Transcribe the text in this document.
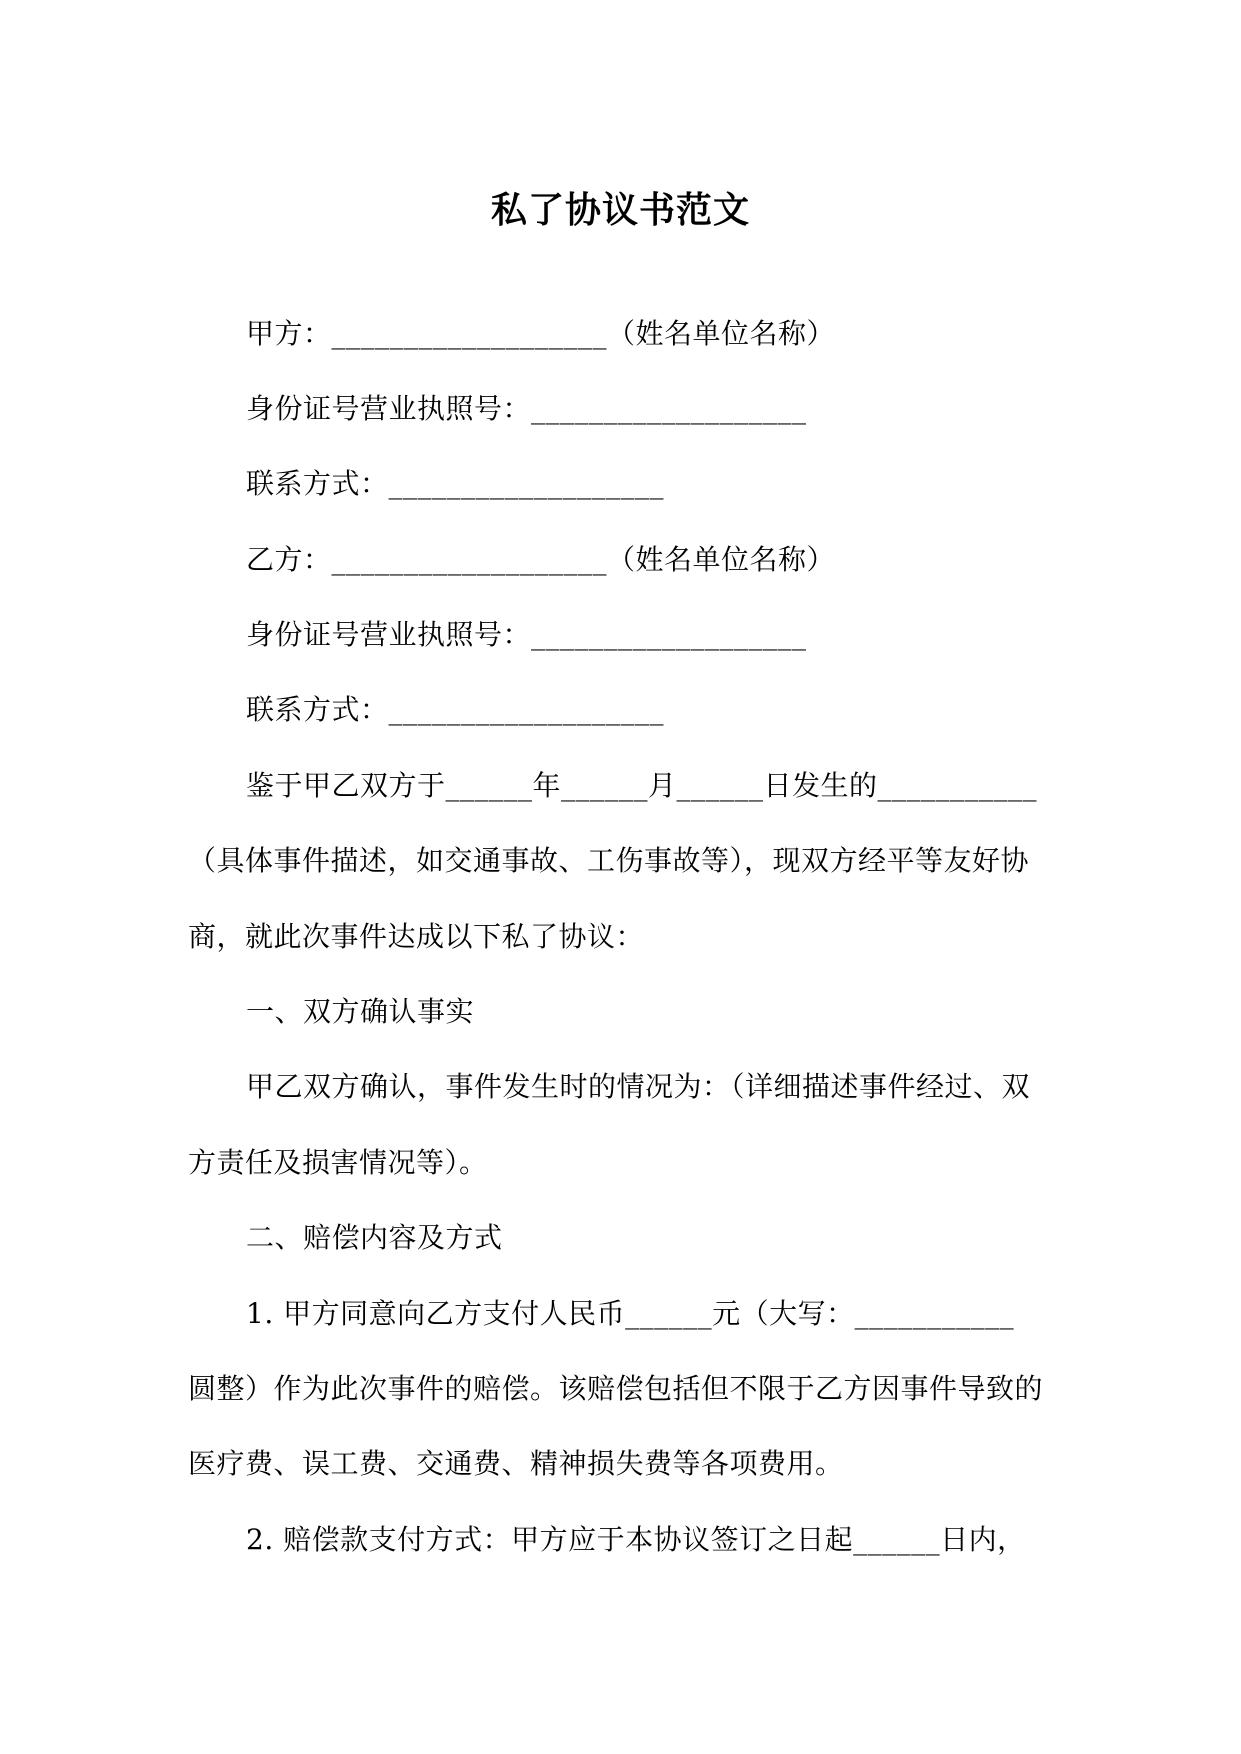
私了协议书范文
甲方：___________________（姓名单位名称）
身份证号营业执照号：___________________
联系方式：___________________
乙方：___________________（姓名单位名称）
身份证号营业执照号：___________________
联系方式：___________________
鉴于甲乙双方于______年______月______日发生的___________
（具体事件描述，如交通事故、工伤事故等），现双方经平等友好协
商，就此次事件达成以下私了协议：
一、双方确认事实
甲乙双方确认，事件发生时的情况为：（详细描述事件经过、双
方责任及损害情况等）。
二、赔偿内容及方式
1. 甲方同意向乙方支付人民币______元（大写：___________
圆整）作为此次事件的赔偿。该赔偿包括但不限于乙方因事件导致的
医疗费、误工费、交通费、精神损失费等各项费用。
2. 赔偿款支付方式：甲方应于本协议签订之日起______日内，
